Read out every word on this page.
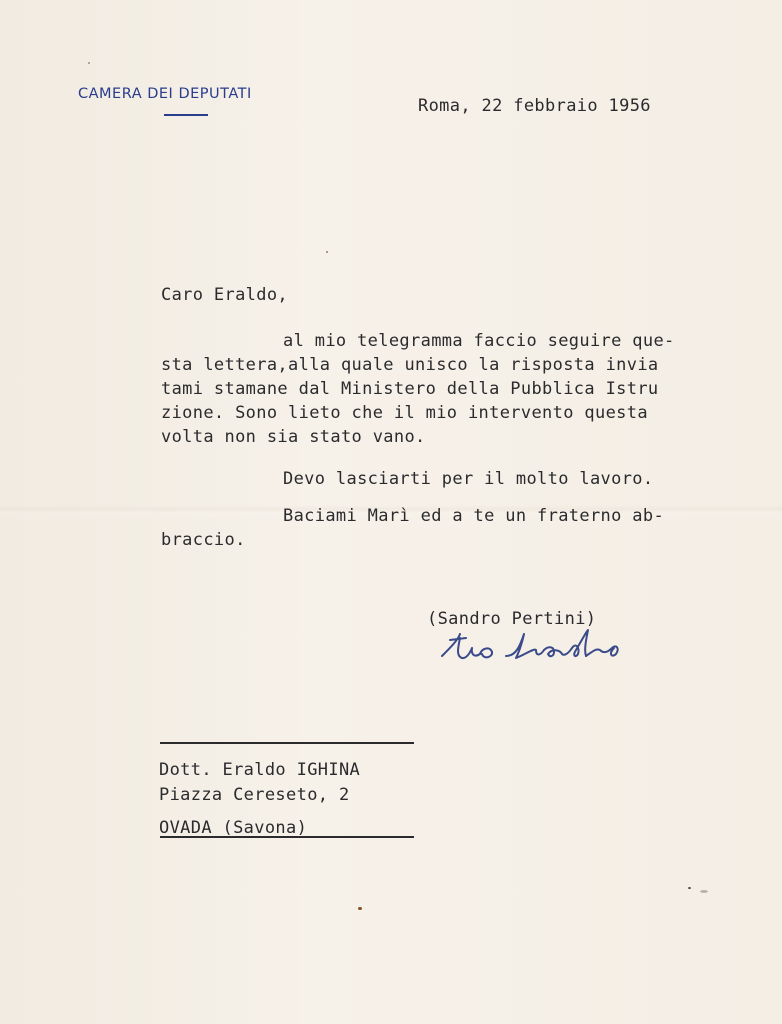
CAMERA DEI DEPUTATI
Roma, 22 febbraio 1956
Caro Eraldo,
al mio telegramma faccio seguire que-
sta lettera,alla quale unisco la risposta invia
tami stamane dal Ministero della Pubblica Istru
zione. Sono lieto che il mio intervento questa
volta non sia stato vano.
Devo lasciarti per il molto lavoro.
Baciami Marì ed a te un fraterno ab-
braccio.
(Sandro Pertini)
Dott. Eraldo IGHINA
Piazza Cereseto, 2
OVADA (Savona)
